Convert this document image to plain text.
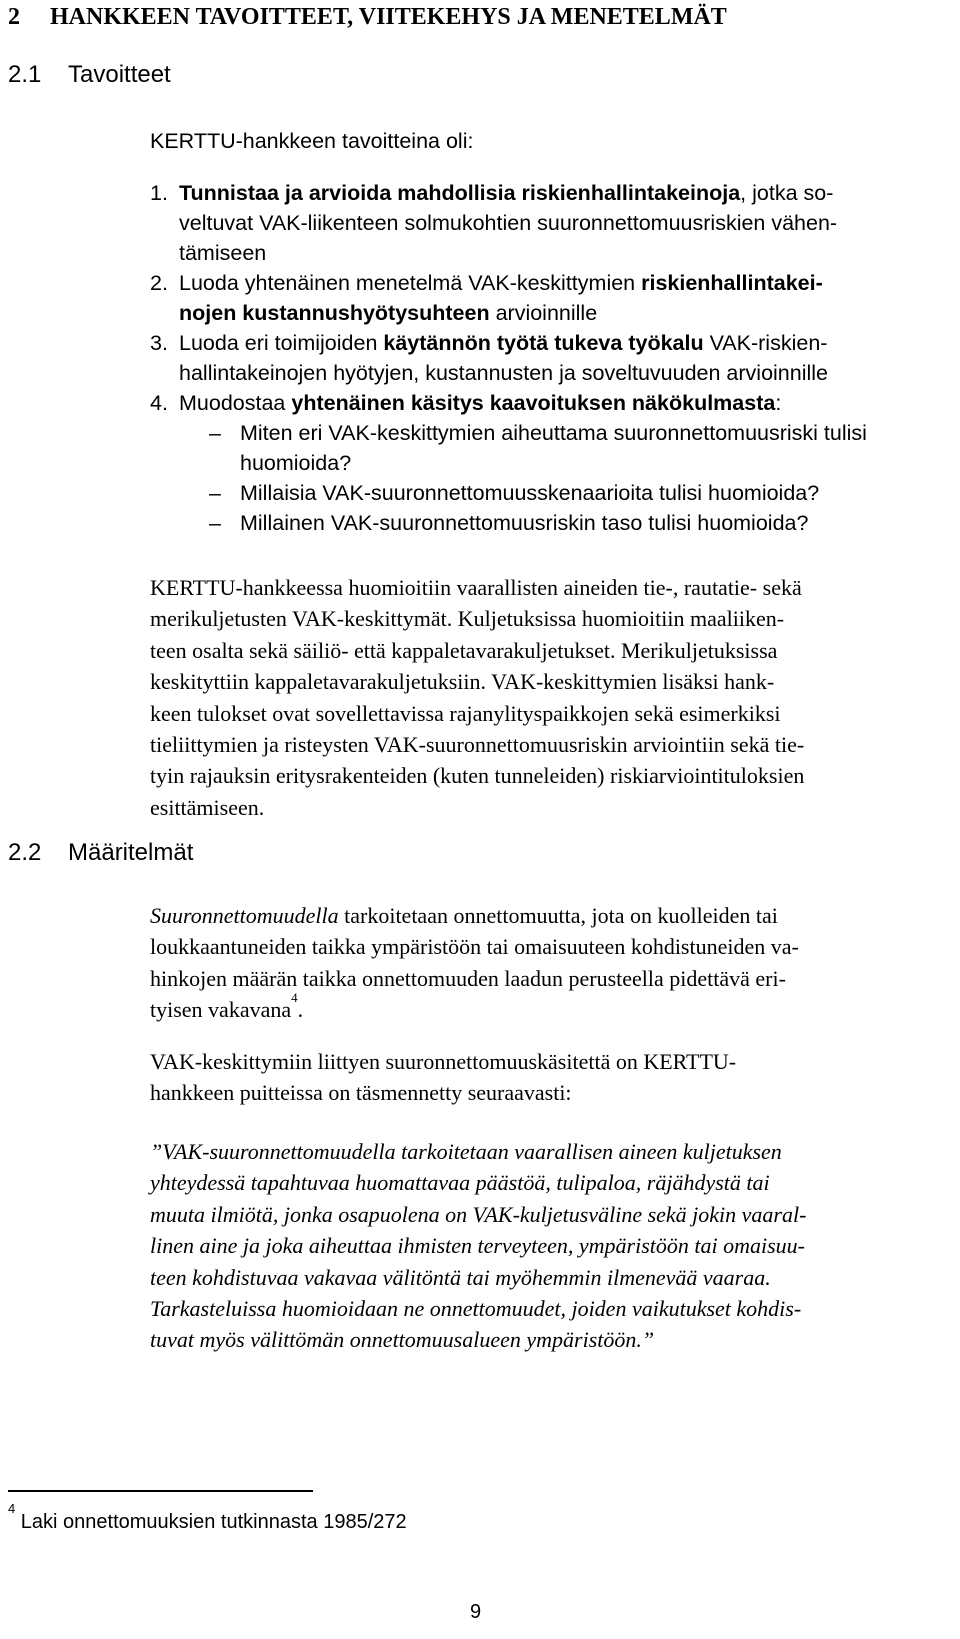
2 HANKKEEN TAVOITTEET, VIITEKEHYS JA MENETELMÄT
2.1 Tavoitteet
KERTTU-hankkeen tavoitteina oli:
1. Tunnistaa ja arvioida mahdollisia riskienhallintakeinoja, jotka so-
veltuvat VAK-liikenteen solmukohtien suuronnettomuusriskien vähen-
tämiseen
2. Luoda yhtenäinen menetelmä VAK-keskittymien riskienhallintakei-
nojen kustannushyötysuhteen arvioinnille
3. Luoda eri toimijoiden käytännön työtä tukeva työkalu VAK-riskien-
hallintakeinojen hyötyjen, kustannusten ja soveltuvuuden arvioinnille
4. Muodostaa yhtenäinen käsitys kaavoituksen näkökulmasta:
– Miten eri VAK-keskittymien aiheuttama suuronnettomuusriski tulisi
huomioida?
– Millaisia VAK-suuronnettomuusskenaarioita tulisi huomioida?
– Millainen VAK-suuronnettomuusriskin taso tulisi huomioida?
KERTTU-hankkeessa huomioitiin vaarallisten aineiden tie-, rautatie- sekä
merikuljetusten VAK-keskittymät. Kuljetuksissa huomioitiin maaliiken-
teen osalta sekä säiliö- että kappaletavarakuljetukset. Merikuljetuksissa
keskityttiin kappaletavarakuljetuksiin. VAK-keskittymien lisäksi hank-
keen tulokset ovat sovellettavissa rajanylityspaikkojen sekä esimerkiksi
tieliittymien ja risteysten VAK-suuronnettomuusriskin arviointiin sekä tie-
tyin rajauksin eritysrakenteiden (kuten tunneleiden) riskiarviointituloksien
esittämiseen.
2.2 Määritelmät
Suuronnettomuudella tarkoitetaan onnettomuutta, jota on kuolleiden tai
loukkaantuneiden taikka ympäristöön tai omaisuuteen kohdistuneiden va-
hinkojen määrän taikka onnettomuuden laadun perusteella pidettävä eri-
tyisen vakavana$^4$.
VAK-keskittymiin liittyen suuronnettomuuskäsitettä on KERTTU-
hankkeen puitteissa on täsmennetty seuraavasti:
”VAK-suuronnettomuudella tarkoitetaan vaarallisen aineen kuljetuksen
yhteydessä tapahtuvaa huomattavaa päästöä, tulipaloa, räjähdystä tai
muuta ilmiötä, jonka osapuolena on VAK-kuljetusväline sekä jokin vaaral-
linen aine ja joka aiheuttaa ihmisten terveyteen, ympäristöön tai omaisuu-
teen kohdistuvaa vakavaa välitöntä tai myöhemmin ilmenevää vaaraa.
Tarkasteluissa huomioidaan ne onnettomuudet, joiden vaikutukset kohdis-
tuvat myös välittömän onnettomuusalueen ympäristöön.”
$^4$ Laki onnettomuuksien tutkinnasta 1985/272
9
